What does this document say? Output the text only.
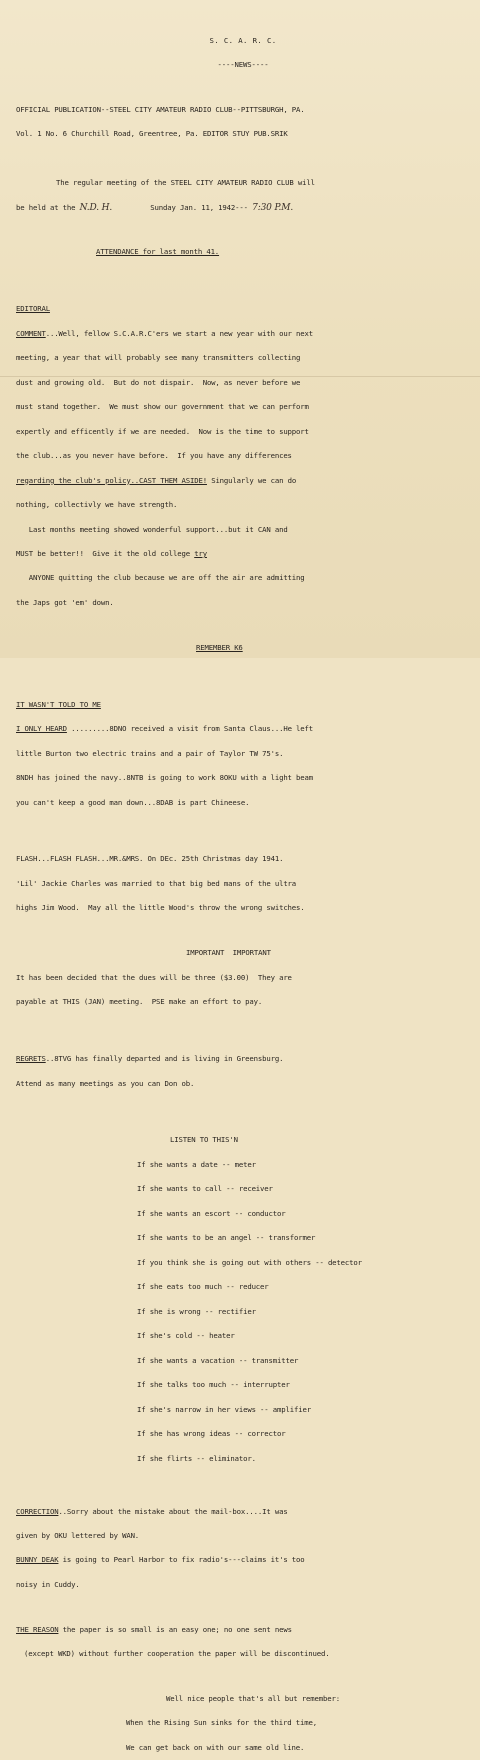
S. C. A. R. C.

----NEWS----

OFFICIAL PUBLICATION--STEEL CITY AMATEUR RADIO CLUB--PITTSBURGH, PA.

Vol. 1 No. 6 Churchill Road, Greentree, Pa. EDITOR STUY PUB.SRIK

The regular meeting of the STEEL CITY AMATEUR RADIO CLUB will

be held at the N.D. H.	Sunday Jan. 11, 1942--- 7:30 P.M.

ATTENDANCE for last month 41.

EDITORAL

COMMENT...Well, fellow S.C.A.R.C'ers we start a new year with our next

meeting, a year that will probably see many transmitters collecting

dust and growing old.  But do not dispair.  Now, as never before we

must stand together.  We must show our government that we can perform

expertly and efficently if we are needed.  Now is the time to support

the club...as you never have before.  If you have any differences

regarding the club's policy..CAST THEM ASIDE! Singularly we can do

nothing, collectivly we have strength.

Last months meeting showed wonderful support...but it CAN and

MUST be better!!  Give it the old college try

ANYONE quitting the club because we are off the air are admitting

the Japs got 'em' down.

REMEMBER K6

IT WASN'T TOLD TO ME

I ONLY HEARD .........8DNO received a visit from Santa Claus...He left

little Burton two electric trains and a pair of Taylor TW 75's.

8NDH has joined the navy..8NTB is going to work 8OKU with a light beam

you can't keep a good man down...8DAB is part Chineese.

FLASH...FLASH FLASH...MR.&MRS. On DEc. 25th Christmas day 1941.

'Lil' Jackie Charles was married to that big bed mans of the ultra

highs Jim Wood.  May all the little Wood's throw the wrong switches.

IMPORTANT  IMPORTANT

It has been decided that the dues will be three ($3.00)  They are

payable at THIS (JAN) meeting.  PSE make an effort to pay.

REGRETS..8TVG has finally departed and is living in Greensburg.

Attend as many meetings as you can Don ob.

LISTEN TO THIS'N

If she wants a date -- meter

If she wants to call -- receiver

If she wants an escort -- conductor

If she wants to be an angel -- transformer

If you think she is going out with others -- detector

If she eats too much -- reducer

If she is wrong -- rectifier

If she's cold -- heater

If she wants a vacation -- transmitter

If she talks too much -- interrupter

If she's narrow in her views -- amplifier

If she has wrong ideas -- corrector

If she flirts -- eliminator.

CORRECTION..Sorry about the mistake about the mail-box....It was

given by OKU lettered by WAN.

BUNNY DEAK is going to Pearl Harbor to fix radio's---claims it's too

noisy in Cuddy.

THE REASON the paper is so small is an easy one; no one sent news

(except WKD) without further cooperation the paper will be discontinued.

Well nice people that's all but remember:

When the Rising Sun sinks for the third time,

We can get back on with our same old line.
